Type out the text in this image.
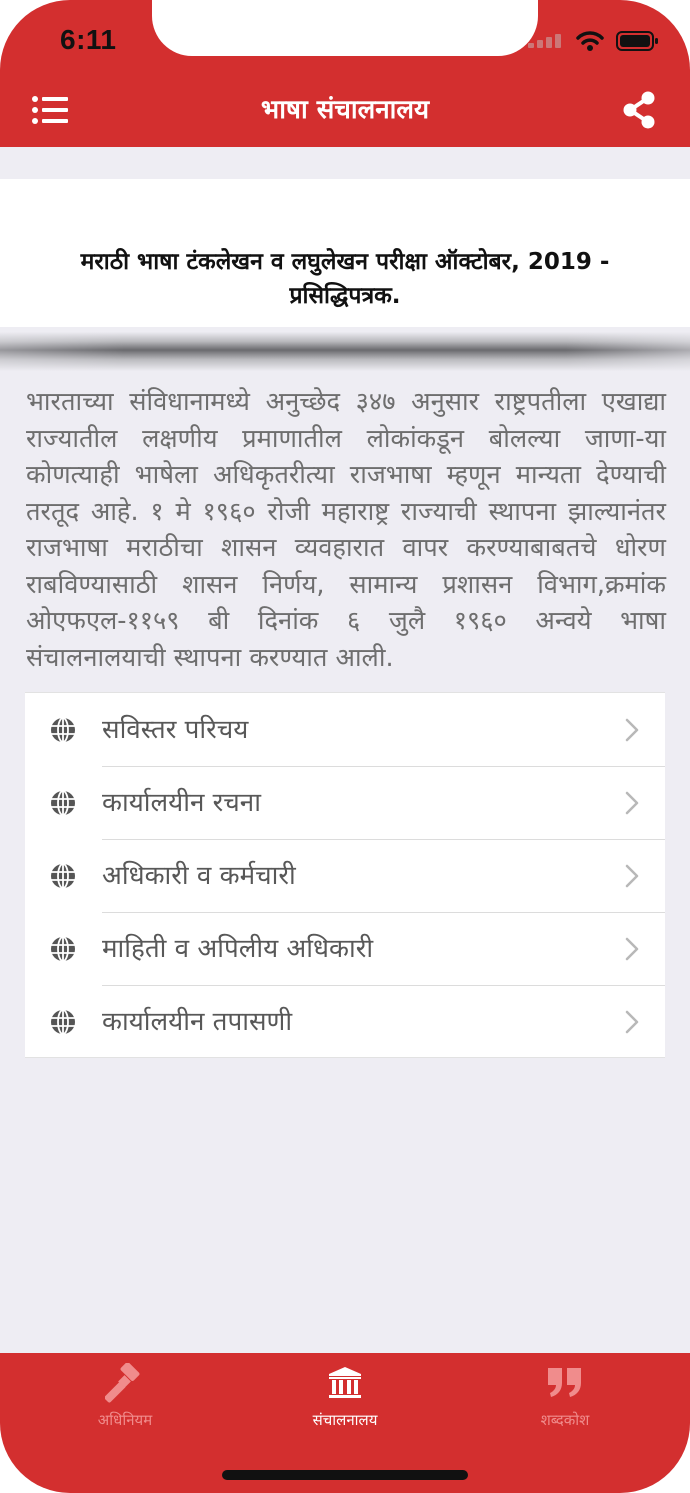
6:11
भाषा संचालनालय
मराठी भाषा टंकलेखन व लघुलेखन परीक्षा ऑक्टोबर, 2019 - प्रसिद्धिपत्रक.
भारताच्या संविधानामध्ये अनुच्छेद ३४७ अनुसार राष्ट्रपतीला एखाद्या राज्यातील लक्षणीय प्रमाणातील लोकांकडून बोलल्या जाणा-या कोणत्याही भाषेला अधिकृतरीत्या राजभाषा म्हणून मान्यता देण्याची तरतूद आहे. १ मे १९६० रोजी महाराष्ट्र राज्याची स्थापना झाल्यानंतर राजभाषा मराठीचा शासन व्यवहारात वापर करण्याबाबतचे धोरण राबविण्यासाठी शासन निर्णय, सामान्य प्रशासन विभाग,क्रमांक ओएफएल-११५९ बी दिनांक ६ जुलै १९६० अन्वये भाषा संचालनालयाची स्थापना करण्यात आली.
सविस्तर परिचय
कार्यालयीन रचना
अधिकारी व कर्मचारी
माहिती व अपिलीय अधिकारी
कार्यालयीन तपासणी
अधिनियम	संचालनालय	शब्दकोश
